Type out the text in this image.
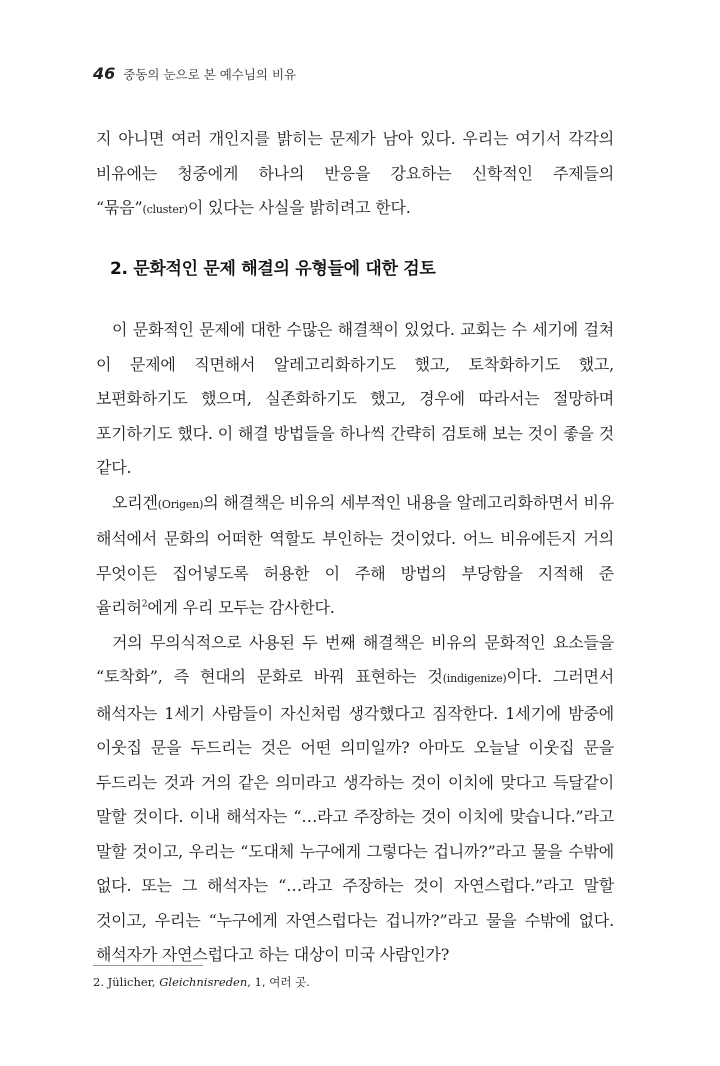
46 중동의 눈으로 본 예수님의 비유

지 아니면 여러 개인지를 밝히는 문제가 남아 있다. 우리는 여기서 각각의 비유에는 청중에게 하나의 반응을 강요하는 신학적인 주제들의 “묶음”(cluster)이 있다는 사실을 밝히려고 한다.

2. 문화적인 문제 해결의 유형들에 대한 검토

이 문화적인 문제에 대한 수많은 해결책이 있었다. 교회는 수 세기에 걸쳐 이 문제에 직면해서 알레고리화하기도 했고, 토착화하기도 했고, 보편화하기도 했으며, 실존화하기도 했고, 경우에 따라서는 절망하며 포기하기도 했다. 이 해결 방법들을 하나씩 간략히 검토해 보는 것이 좋을 것 같다.

오리겐(Origen)의 해결책은 비유의 세부적인 내용을 알레고리화하면서 비유 해석에서 문화의 어떠한 역할도 부인하는 것이었다. 어느 비유에든지 거의 무엇이든 집어넣도록 허용한 이 주해 방법의 부당함을 지적해 준 율리허$^2$에게 우리 모두는 감사한다.

거의 무의식적으로 사용된 두 번째 해결책은 비유의 문화적인 요소들을 “토착화”, 즉 현대의 문화로 바꿔 표현하는 것(indigenize)이다. 그러면서 해석자는 1세기 사람들이 자신처럼 생각했다고 짐작한다. 1세기에 밤중에 이웃집 문을 두드리는 것은 어떤 의미일까? 아마도 오늘날 이웃집 문을 두드리는 것과 거의 같은 의미라고 생각하는 것이 이치에 맞다고 득달같이 말할 것이다. 이내 해석자는 “…라고 주장하는 것이 이치에 맞습니다.”라고 말할 것이고, 우리는 “도대체 누구에게 그렇다는 겁니까?”라고 물을 수밖에 없다. 또는 그 해석자는 “…라고 주장하는 것이 자연스럽다.”라고 말할 것이고, 우리는 “누구에게 자연스럽다는 겁니까?”라고 물을 수밖에 없다. 해석자가 자연스럽다고 하는 대상이 미국 사람인가?

2. Jülicher, Gleichnisreden, 1, 여러 곳.
